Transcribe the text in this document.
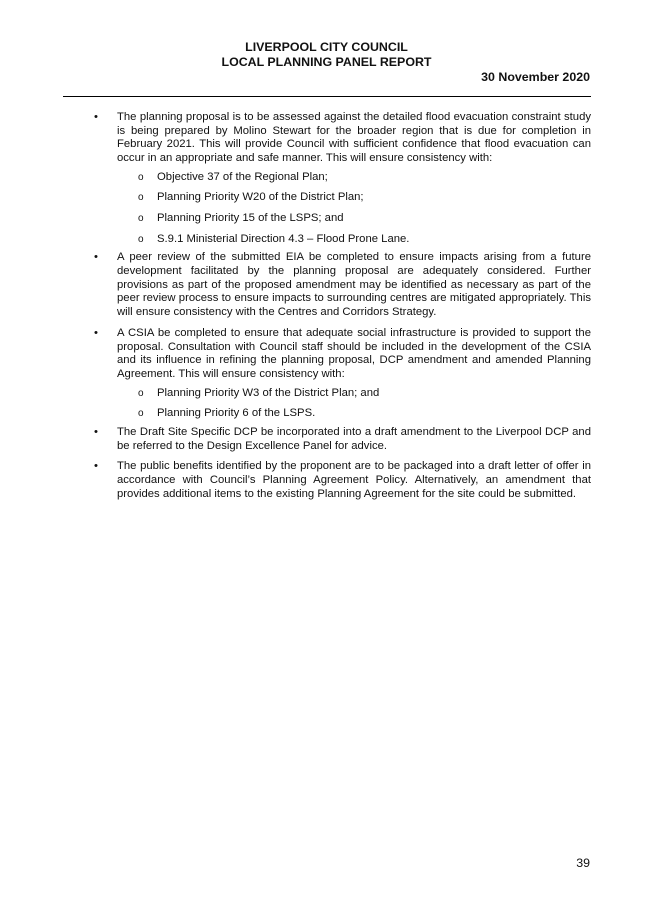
LIVERPOOL CITY COUNCIL
LOCAL PLANNING PANEL REPORT
30 November 2020
• The planning proposal is to be assessed against the detailed flood evacuation constraint study is being prepared by Molino Stewart for the broader region that is due for completion in February 2021. This will provide Council with sufficient confidence that flood evacuation can occur in an appropriate and safe manner. This will ensure consistency with:
o Objective 37 of the Regional Plan;
o Planning Priority W20 of the District Plan;
o Planning Priority 15 of the LSPS; and
o S.9.1 Ministerial Direction 4.3 – Flood Prone Lane.
• A peer review of the submitted EIA be completed to ensure impacts arising from a future development facilitated by the planning proposal are adequately considered. Further provisions as part of the proposed amendment may be identified as necessary as part of the peer review process to ensure impacts to surrounding centres are mitigated appropriately. This will ensure consistency with the Centres and Corridors Strategy.
• A CSIA be completed to ensure that adequate social infrastructure is provided to support the proposal. Consultation with Council staff should be included in the development of the CSIA and its influence in refining the planning proposal, DCP amendment and amended Planning Agreement. This will ensure consistency with:
o Planning Priority W3 of the District Plan; and
o Planning Priority 6 of the LSPS.
• The Draft Site Specific DCP be incorporated into a draft amendment to the Liverpool DCP and be referred to the Design Excellence Panel for advice.
• The public benefits identified by the proponent are to be packaged into a draft letter of offer in accordance with Council’s Planning Agreement Policy. Alternatively, an amendment that provides additional items to the existing Planning Agreement for the site could be submitted.
39
